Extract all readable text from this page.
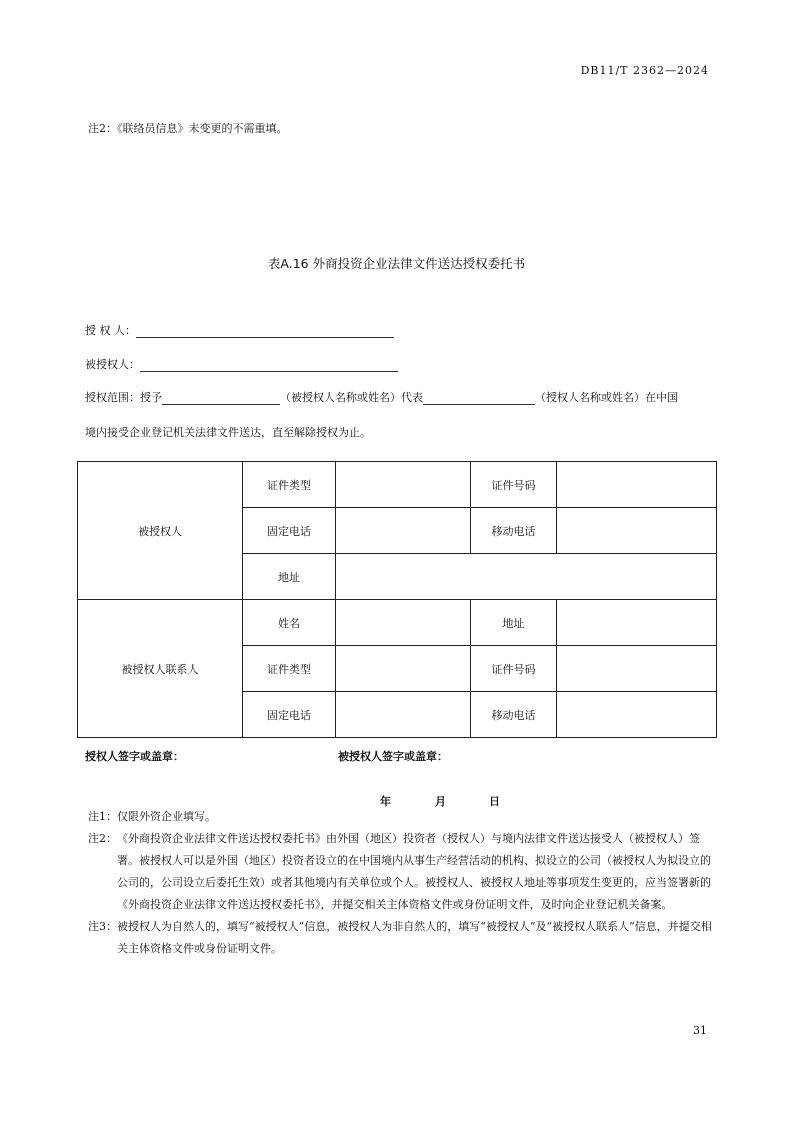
DB11/T 2362—2024
注2：《联络员信息》未变更的不需重填。
表A.16 外商投资企业法律文件送达授权委托书
授 权 人：
被授权人：
授权范围：授予	（被授权人名称或姓名）代表	（授权人名称或姓名）在中国
境内接受企业登记机关法律文件送达，直至解除授权为止。
被授权人	证件类型		证件号码	
	固定电话		移动电话	
	地址			
被授权人联系人	姓名		地址	
	证件类型		证件号码	
	固定电话		移动电话	
授权人签字或盖章：	被授权人签字或盖章：
年	月	日
注1： 仅限外资企业填写。
注2： 《外商投资企业法律文件送达授权委托书》由外国（地区）投资者（授权人）与境内法律文件送达接受人（被授权人）签署。被授权人可以是外国（地区）投资者设立的在中国境内从事生产经营活动的机构、拟设立的公司（被授权人为拟设立的公司的，公司设立后委托生效）或者其他境内有关单位或个人。被授权人、被授权人地址等事项发生变更的，应当签署新的《外商投资企业法律文件送达授权委托书》，并提交相关主体资格文件或身份证明文件，及时向企业登记机关备案。
注3： 被授权人为自然人的，填写“被授权人”信息，被授权人为非自然人的，填写“被授权人”及“被授权人联系人”信息，并提交相关主体资格文件或身份证明文件。
31
